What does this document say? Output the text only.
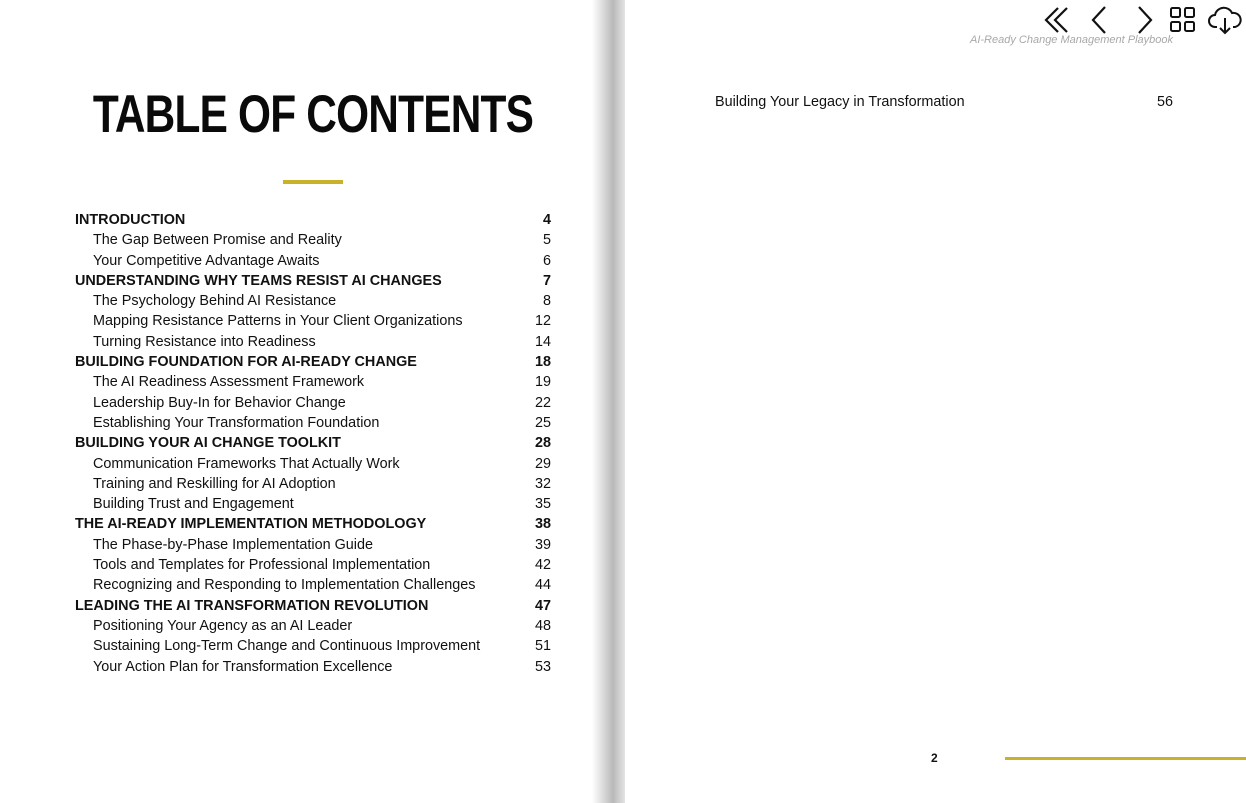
TABLE OF CONTENTS
INTRODUCTION	4
The Gap Between Promise and Reality	5
Your Competitive Advantage Awaits	6
UNDERSTANDING WHY TEAMS RESIST AI CHANGES	7
The Psychology Behind AI Resistance	8
Mapping Resistance Patterns in Your Client Organizations	12
Turning Resistance into Readiness	14
BUILDING FOUNDATION FOR AI-READY CHANGE	18
The AI Readiness Assessment Framework	19
Leadership Buy-In for Behavior Change	22
Establishing Your Transformation Foundation	25
BUILDING YOUR AI CHANGE TOOLKIT	28
Communication Frameworks That Actually Work	29
Training and Reskilling for AI Adoption	32
Building Trust and Engagement	35
THE AI-READY IMPLEMENTATION METHODOLOGY	38
The Phase-by-Phase Implementation Guide	39
Tools and Templates for Professional Implementation	42
Recognizing and Responding to Implementation Challenges	44
LEADING THE AI TRANSFORMATION REVOLUTION	47
Positioning Your Agency as an AI Leader	48
Sustaining Long-Term Change and Continuous Improvement	51
Your Action Plan for Transformation Excellence	53
AI-Ready Change Management Playbook
Building Your Legacy in Transformation	56
2
